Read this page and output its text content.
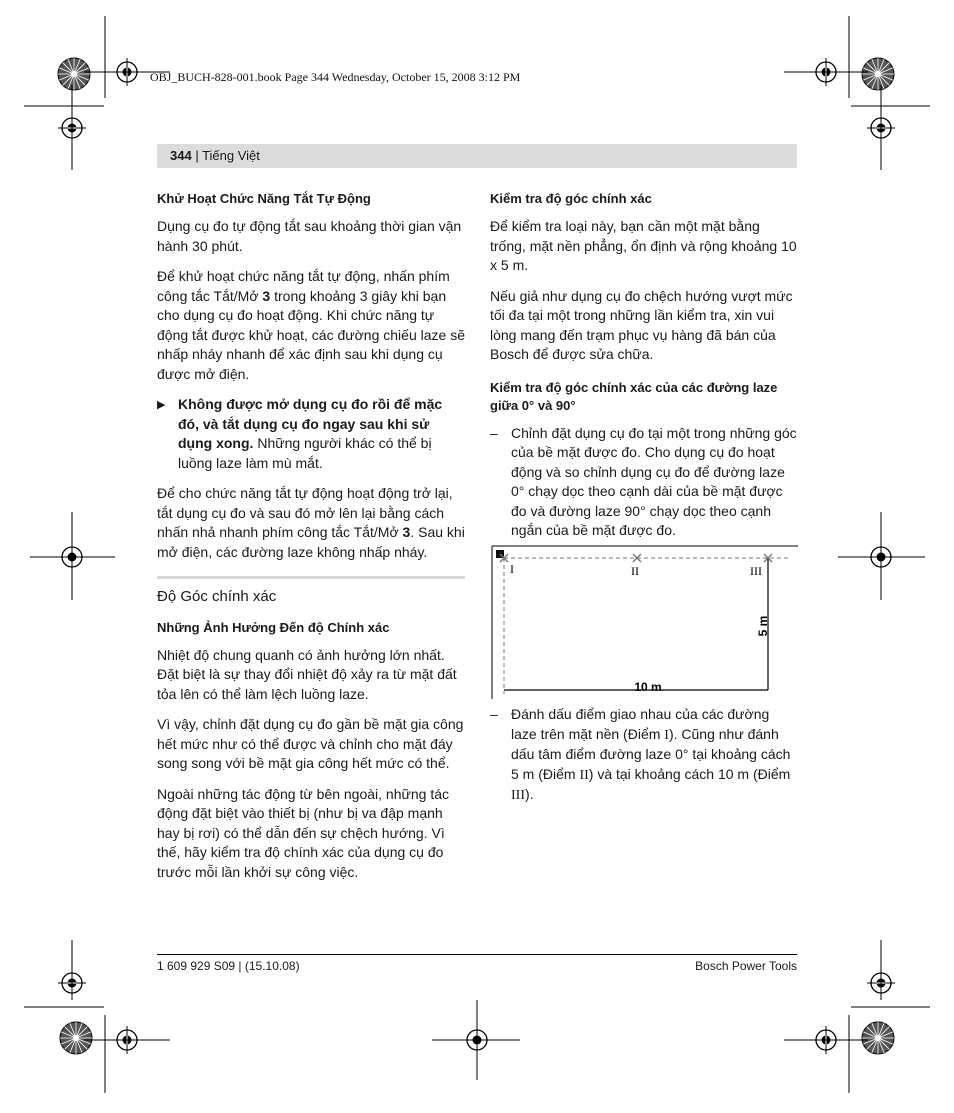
OBJ_BUCH-828-001.book Page 344 Wednesday, October 15, 2008 3:12 PM
344 | Tiếng Việt
Khử Hoạt Chức Năng Tắt Tự Động

Dụng cụ đo tự động tắt sau khoảng thời gian vận hành 30 phút.

Để khử hoạt chức năng tắt tự động, nhấn phím công tắc Tắt/Mở 3 trong khoảng 3 giây khi bạn cho dụng cụ đo hoạt động. Khi chức năng tự động tắt được khử hoạt, các đường chiếu laze sẽ nhấp nháy nhanh để xác định sau khi dụng cụ được mở điện.

▶ Không được mở dụng cụ đo rồi để mặc đó, và tắt dụng cụ đo ngay sau khi sử dụng xong. Những người khác có thể bị luồng laze làm mù mắt.

Để cho chức năng tắt tự động hoạt động trở lại, tắt dụng cụ đo và sau đó mở lên lại bằng cách nhấn nhả nhanh phím công tắc Tắt/Mở 3. Sau khi mở điện, các đường laze không nhấp nháy.

Độ Góc chính xác
Những Ảnh Hưởng Đến độ Chính xác

Nhiệt độ chung quanh có ảnh hưởng lớn nhất. Đặt biệt là sự thay đổi nhiệt độ xảy ra từ mặt đất tỏa lên có thể làm lệch luồng laze.

Vì vậy, chỉnh đặt dụng cụ đo gần bề mặt gia công hết mức như có thể được và chỉnh cho mặt đáy song song với bề mặt gia công hết mức có thể.

Ngoài những tác động từ bên ngoài, những tác động đặt biệt vào thiết bị (như bị va đập mạnh hay bị rơi) có thể dẫn đến sự chệch hướng. Vì thế, hãy kiểm tra độ chính xác của dụng cụ đo trước mỗi lần khởi sự công việc.

Kiểm tra độ góc chính xác

Để kiểm tra loại này, bạn cần một mặt bằng trống, mặt nền phẳng, ổn định và rộng khoảng 10 x 5 m.

Nếu giả như dụng cụ đo chệch hướng vượt mức tối đa tại một trong những lần kiểm tra, xin vui lòng mang đến trạm phục vụ hàng đã bán của Bosch để được sửa chữa.

Kiểm tra độ góc chính xác của các đường laze giữa 0° và 90°
– Chỉnh đặt dụng cụ đo tại một trong những góc của bề mặt được đo. Cho dụng cụ đo hoạt động và so chỉnh dụng cụ đo để đường laze 0° chạy dọc theo cạnh dài của bề mặt được đo và đường laze 90° chạy dọc theo cạnh ngắn của bề mặt được đo.
I	II	III
10 m
5 m
– Đánh dấu điểm giao nhau của các đường laze trên mặt nền (Điểm I). Cũng như đánh dấu tâm điểm đường laze 0° tại khoảng cách 5 m (Điểm II) và tại khoảng cách 10 m (Điểm III).
1 609 929 S09 | (15.10.08)	Bosch Power Tools
